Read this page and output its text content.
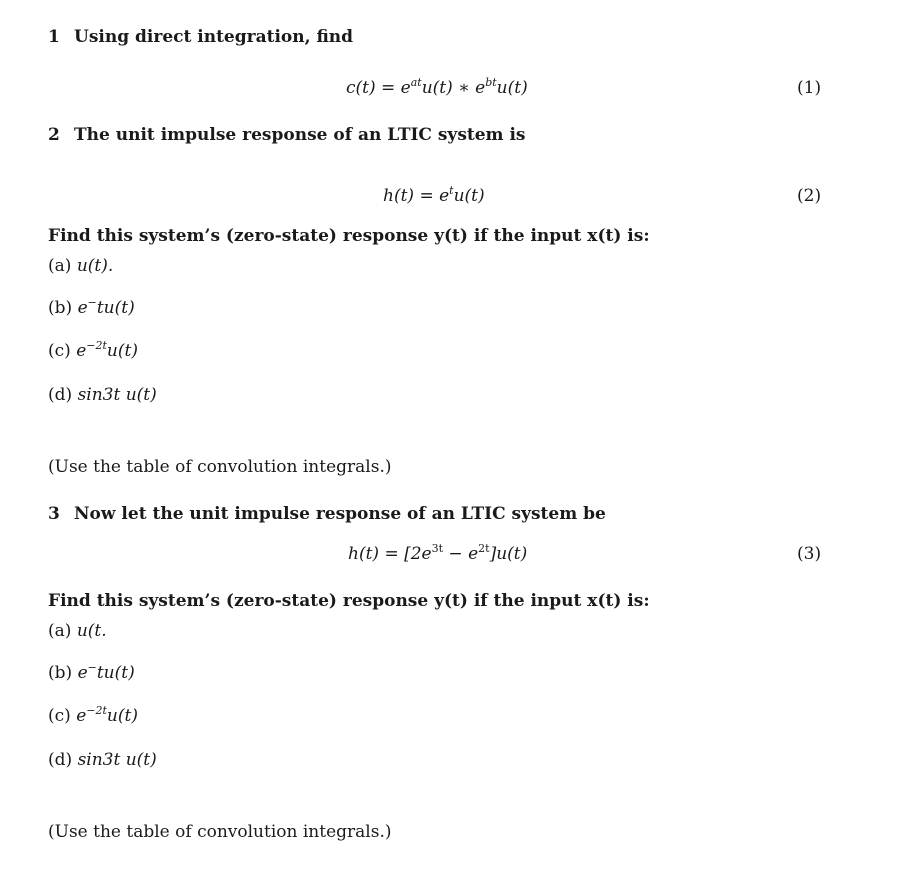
1 Using direct integration, find
$c(t) = e^{at}u(t)$ ∗ $e^{bt}u(t)$	(1)
2 The unit impulse response of an LTIC system is
$h(t) = e^tu(t)$	(2)
Find this system’s (zero-state) response y(t) if the input x(t) is:
(a) u(t).
(b) e−tu(t)
(c) $e^{-2t}u(t)$
(d) sin3t u(t)
(Use the table of convolution integrals.)
3 Now let the unit impulse response of an LTIC system be
$h(t) = [2e^{3t} - e^{2t}]u(t)$	(3)
Find this system’s (zero-state) response y(t) if the input x(t) is:
(a) u(t.
(b) e−tu(t)
(c) $e^{-2t}u(t)$
(d) sin3t u(t)
(Use the table of convolution integrals.)
